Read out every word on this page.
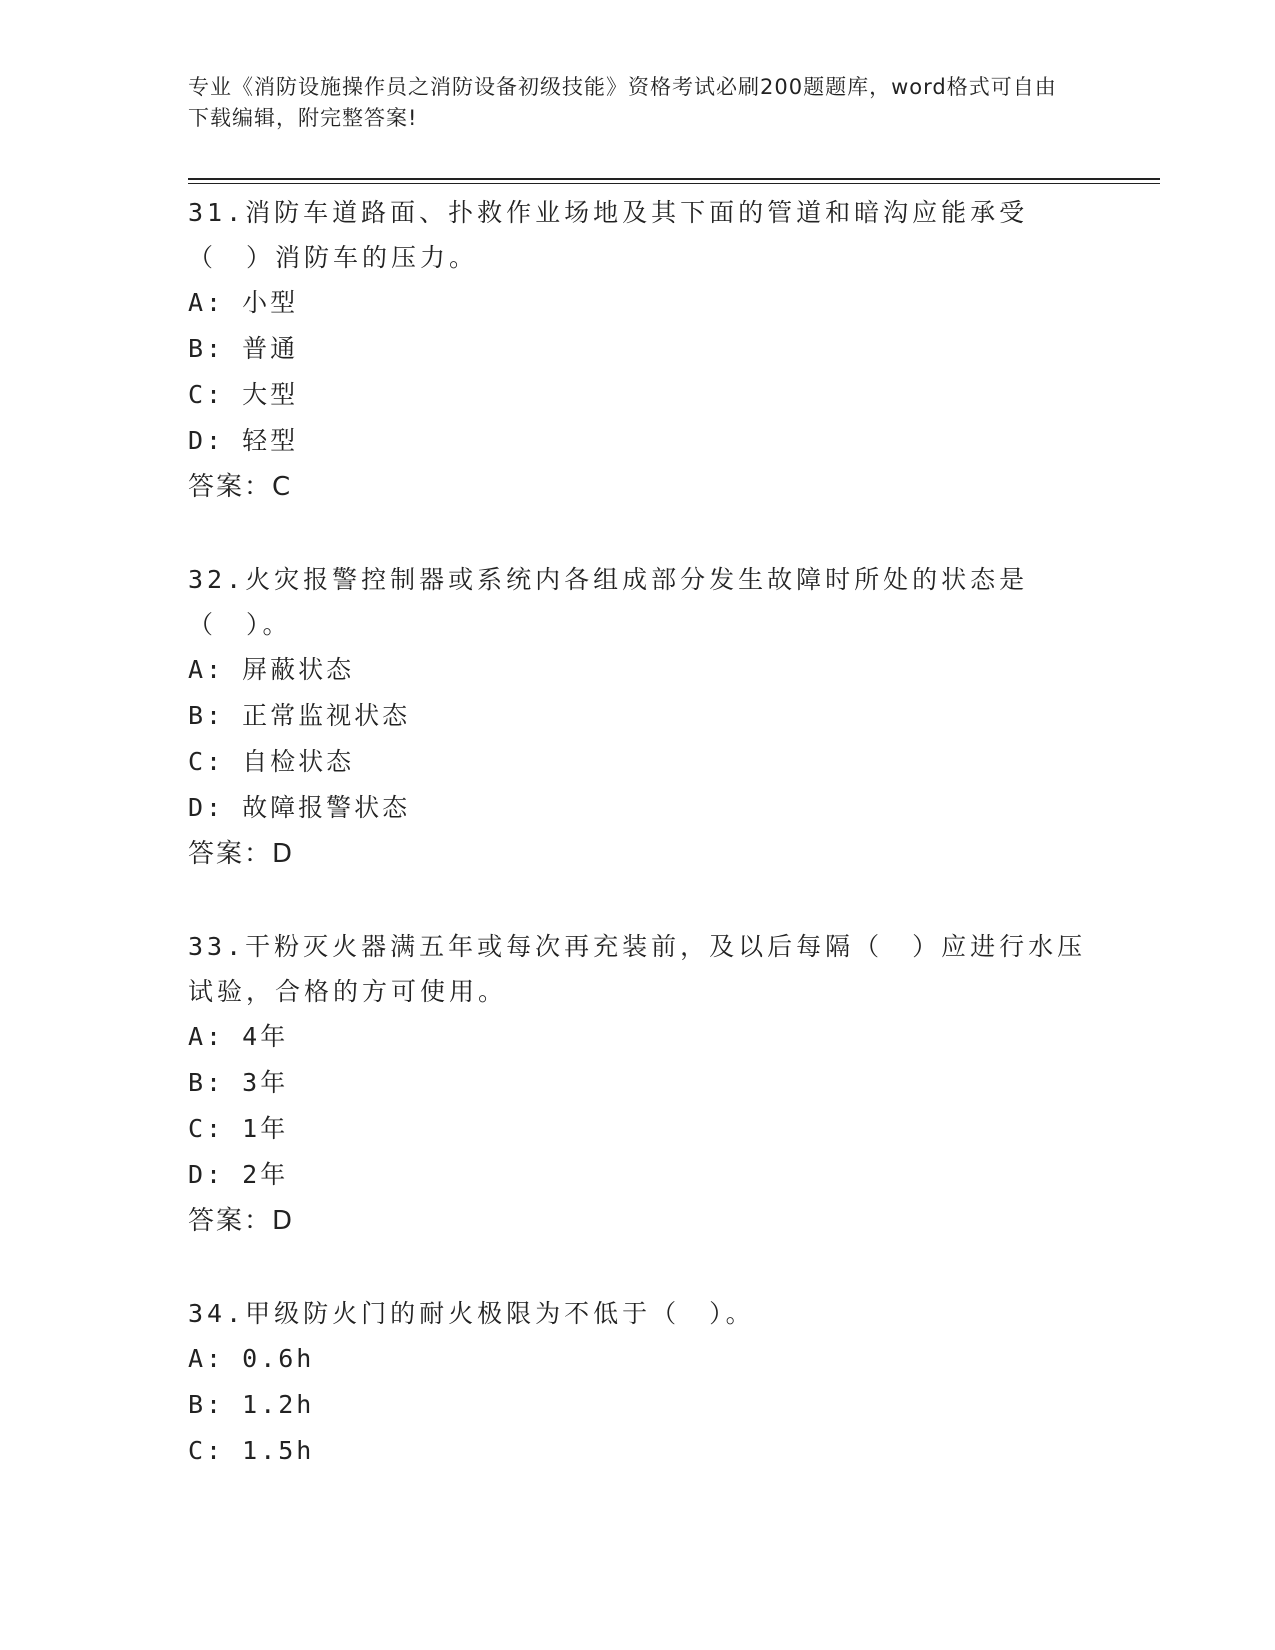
专业《消防设施操作员之消防设备初级技能》资格考试必刷200题题库，word格式可自由下载编辑，附完整答案!
31.消防车道路面、扑救作业场地及其下面的管道和暗沟应能承受（　）消防车的压力。
A: 小型
B: 普通
C: 大型
D: 轻型
答案：C
32.火灾报警控制器或系统内各组成部分发生故障时所处的状态是（　）。
A: 屏蔽状态
B: 正常监视状态
C: 自检状态
D: 故障报警状态
答案：D
33.干粉灭火器满五年或每次再充装前，及以后每隔（　）应进行水压试验，合格的方可使用。
A: 4年
B: 3年
C: 1年
D: 2年
答案：D
34.甲级防火门的耐火极限为不低于（　）。
A: 0.6h
B: 1.2h
C: 1.5h
